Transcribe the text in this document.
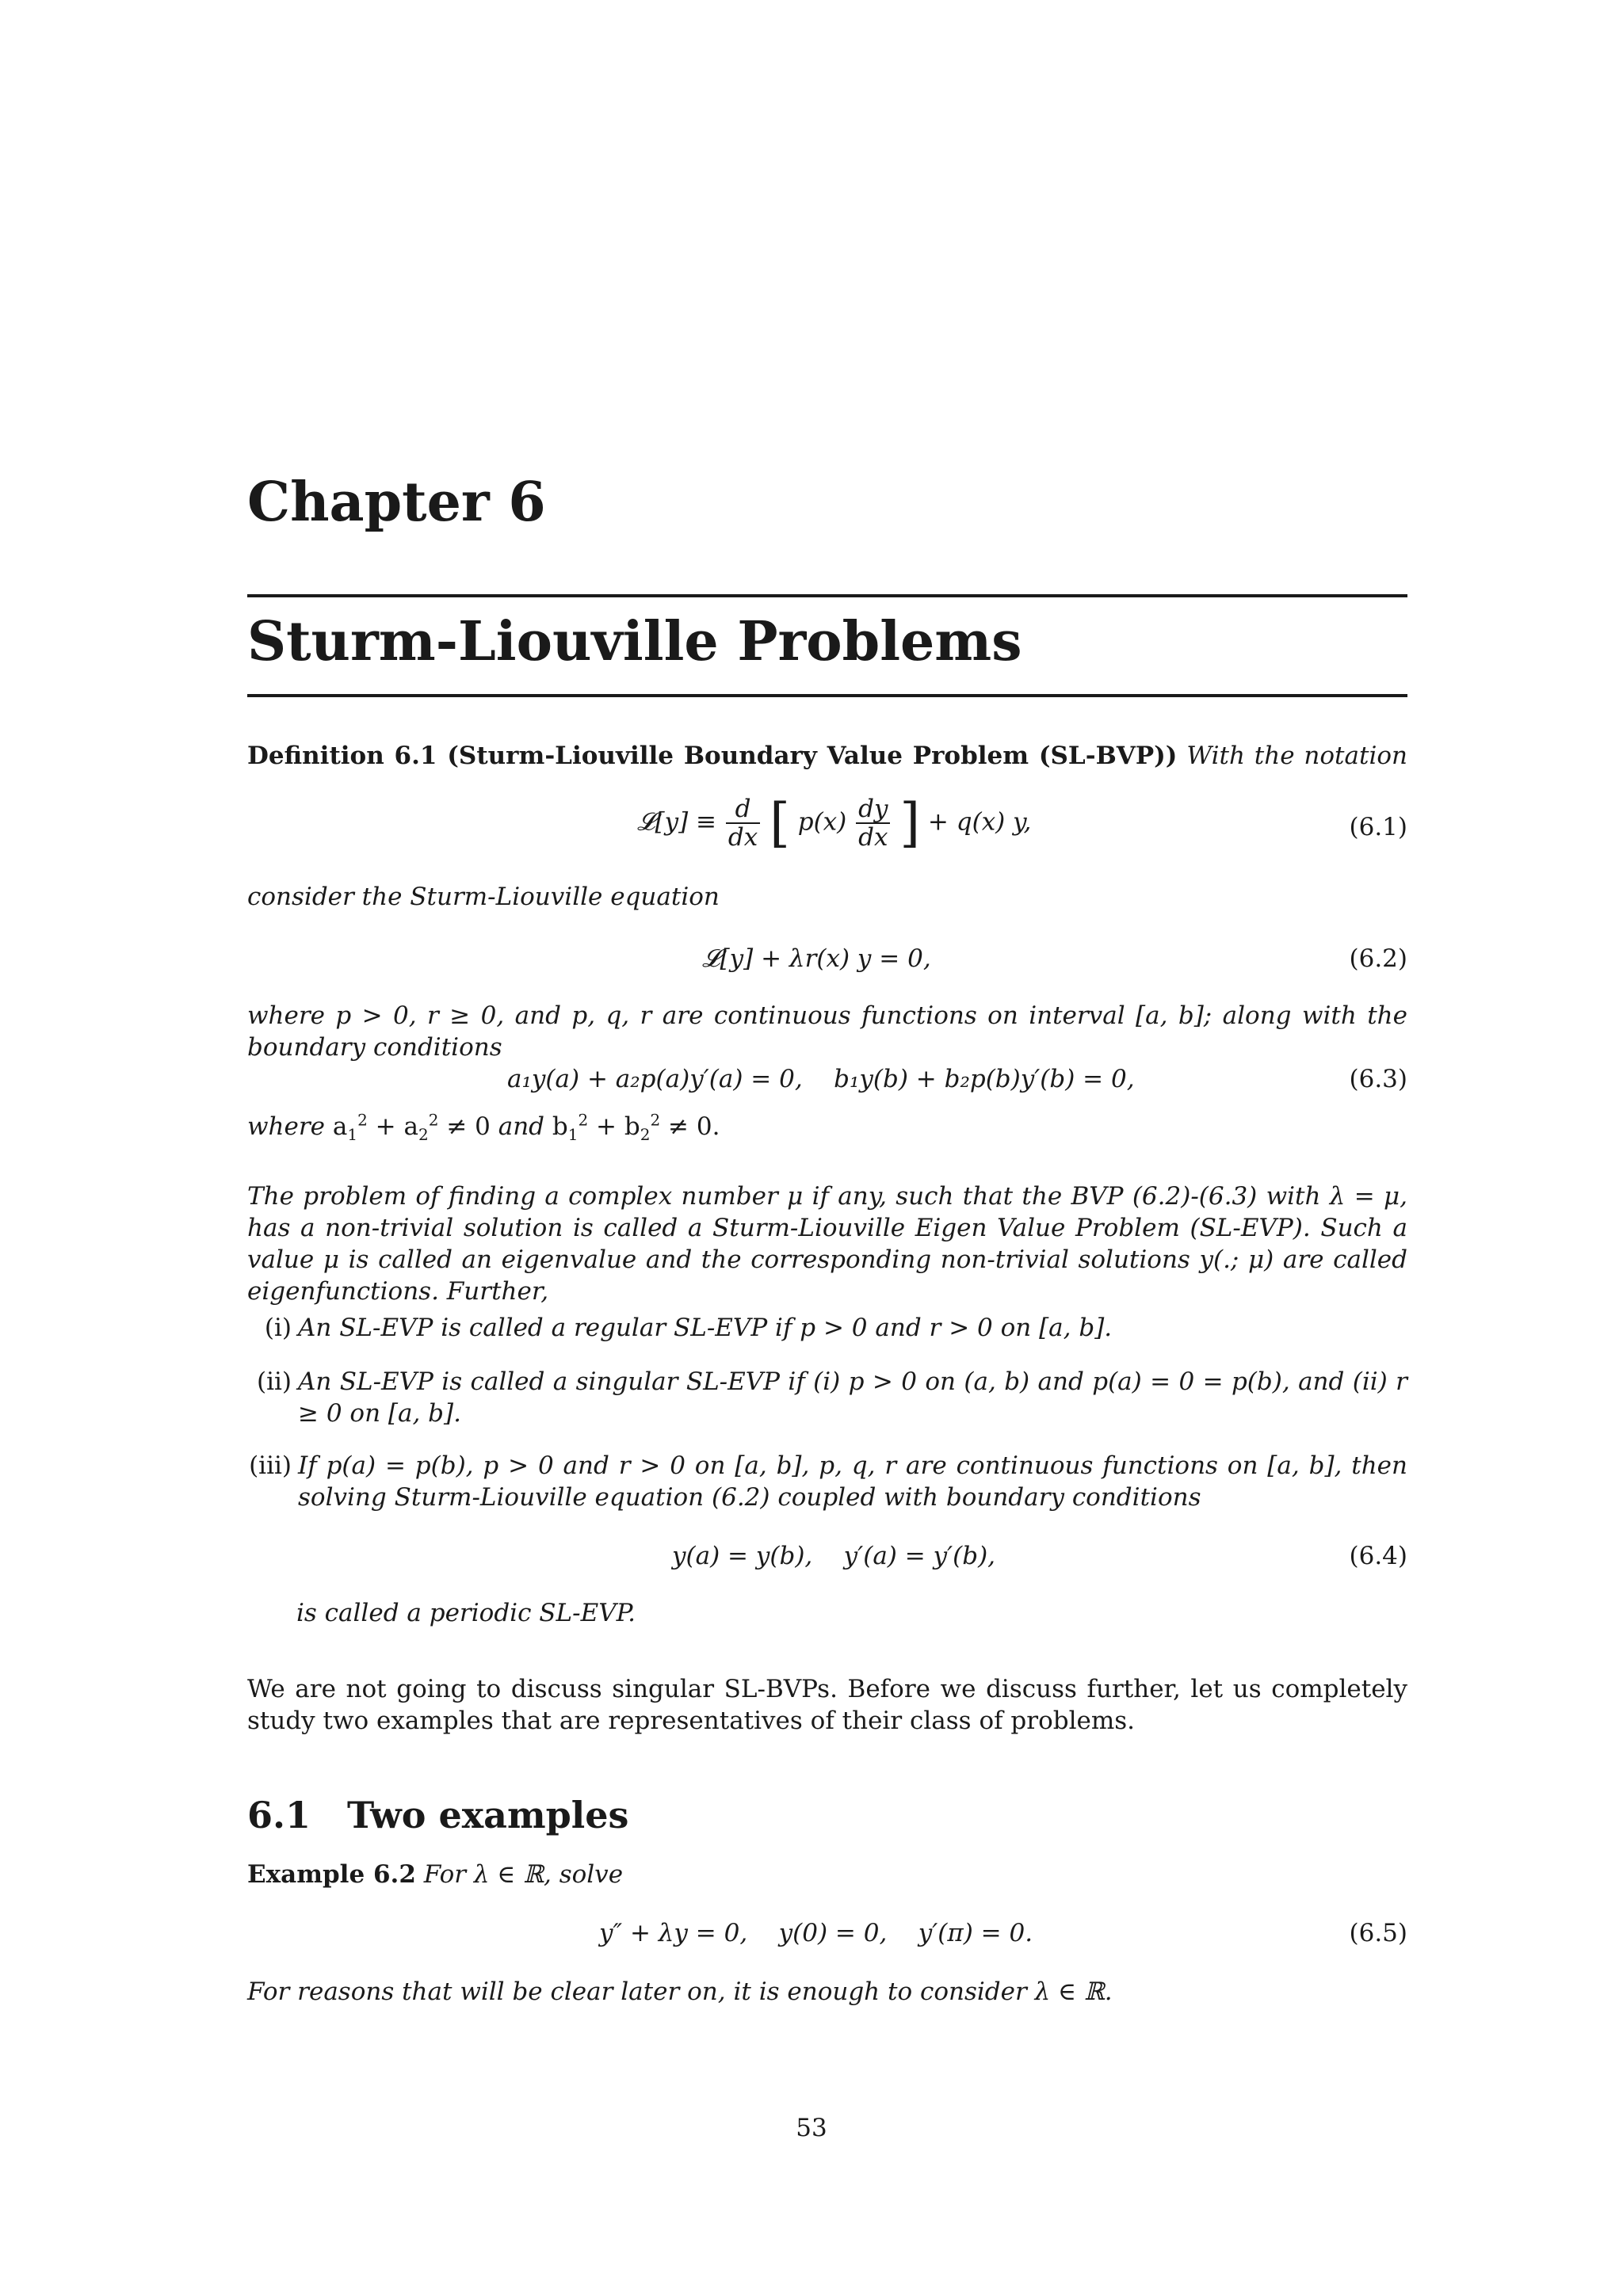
Chapter 6
Sturm-Liouville Problems
Definition 6.1 (Sturm-Liouville Boundary Value Problem (SL-BVP)) With the notation
𝓛[y] ≡ $\frac{d}{dx}$ [ $p(x) \frac{dy}{dx}$ ] + q(x) y,	(6.1)
consider the Sturm-Liouville equation
𝓛[y] + λr(x) y = 0,	(6.2)
where p > 0, r ≥ 0, and p, q, r are continuous functions on interval [a, b]; along with the boundary conditions
a₁y(a) + a₂p(a)y′(a) = 0,    b₁y(b) + b₂p(b)y′(b) = 0,	(6.3)
where $a_1^2 + a_2^2 \ne 0$ and $b_1^2 + b_2^2 \ne 0$.
The problem of finding a complex number μ if any, such that the BVP (6.2)-(6.3) with λ = μ, has a non-trivial solution is called a Sturm-Liouville Eigen Value Problem (SL-EVP). Such a value μ is called an eigenvalue and the corresponding non-trivial solutions y(.; μ) are called eigenfunctions. Further,
(i) An SL-EVP is called a regular SL-EVP if p > 0 and r > 0 on [a, b].
(ii) An SL-EVP is called a singular SL-EVP if (i) p > 0 on (a, b) and p(a) = 0 = p(b), and (ii) r ≥ 0 on [a, b].
(iii) If p(a) = p(b), p > 0 and r > 0 on [a, b], p, q, r are continuous functions on [a, b], then solving Sturm-Liouville equation (6.2) coupled with boundary conditions
y(a) = y(b),    y′(a) = y′(b),	(6.4)
is called a periodic SL-EVP.
We are not going to discuss singular SL-BVPs. Before we discuss further, let us completely study two examples that are representatives of their class of problems.
6.1 Two examples
Example 6.2 For λ ∈ ℝ, solve
y″ + λy = 0,    y(0) = 0,    y′(π) = 0.	(6.5)
For reasons that will be clear later on, it is enough to consider λ ∈ ℝ.
53
